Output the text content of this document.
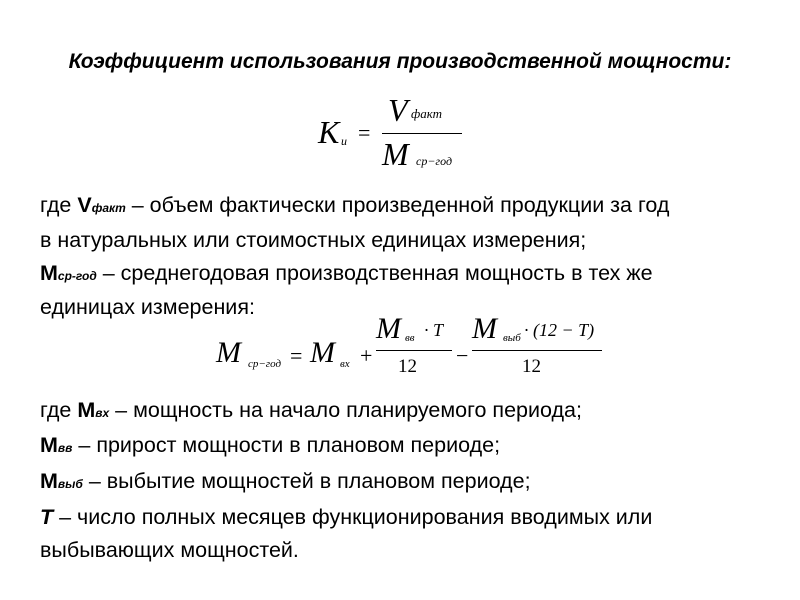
Коэффициент использования производственной мощности:
K и =
V факт
M ср−год
где Vфакт – объем фактически произведенной продукции за год
в натуральных или стоимостных единицах измерения;
Mср-год – среднегодовая производственная мощность в тех же
единицах измерения:
M ср−год = M вх +
M вв · T
12 −
M выб · (12 − T)
12
где Mвх – мощность на начало планируемого периода;
Mвв – прирост мощности в плановом периоде;
Mвыб – выбытие мощностей в плановом периоде;
T – число полных месяцев функционирования вводимых или
выбывающих мощностей.
